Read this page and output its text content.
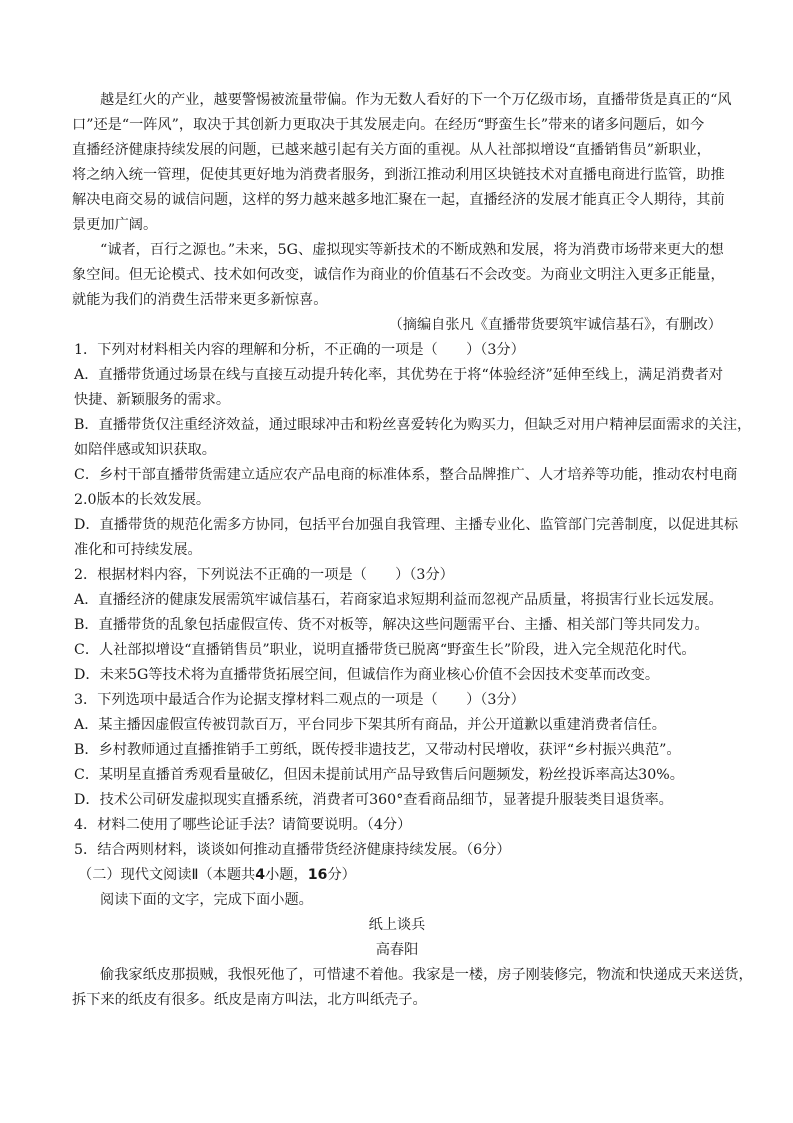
越是红火的产业，越要警惕被流量带偏。作为无数人看好的下一个万亿级市场，直播带货是真正的“风
口”还是“一阵风”，取决于其创新力更取决于其发展走向。在经历“野蛮生长”带来的诸多问题后，如今
直播经济健康持续发展的问题，已越来越引起有关方面的重视。从人社部拟增设“直播销售员”新职业，
将之纳入统一管理，促使其更好地为消费者服务，到浙江推动利用区块链技术对直播电商进行监管，助推
解决电商交易的诚信问题，这样的努力越来越多地汇聚在一起，直播经济的发展才能真正令人期待，其前
景更加广阔。
“诚者，百行之源也。”未来，5G、虚拟现实等新技术的不断成熟和发展，将为消费市场带来更大的想
象空间。但无论模式、技术如何改变，诚信作为商业的价值基石不会改变。为商业文明注入更多正能量，
就能为我们的消费生活带来更多新惊喜。
（摘编自张凡《直播带货要筑牢诚信基石》，有删改）
1．下列对材料相关内容的理解和分析，不正确的一项是（　　）（3分）
A．直播带货通过场景在线与直接互动提升转化率，其优势在于将“体验经济”延伸至线上，满足消费者对
快捷、新颖服务的需求。
B．直播带货仅注重经济效益，通过眼球冲击和粉丝喜爱转化为购买力，但缺乏对用户精神层面需求的关注，
如陪伴感或知识获取。
C．乡村干部直播带货需建立适应农产品电商的标准体系，整合品牌推广、人才培养等功能，推动农村电商
2.0版本的长效发展。
D．直播带货的规范化需多方协同，包括平台加强自我管理、主播专业化、监管部门完善制度，以促进其标
准化和可持续发展。
2．根据材料内容，下列说法不正确的一项是（　　）（3分）
A．直播经济的健康发展需筑牢诚信基石，若商家追求短期利益而忽视产品质量，将损害行业长远发展。
B．直播带货的乱象包括虚假宣传、货不对板等，解决这些问题需平台、主播、相关部门等共同发力。
C．人社部拟增设“直播销售员”职业，说明直播带货已脱离“野蛮生长”阶段，进入完全规范化时代。
D．未来5G等技术将为直播带货拓展空间，但诚信作为商业核心价值不会因技术变革而改变。
3．下列选项中最适合作为论据支撑材料二观点的一项是（　　）（3分）
A．某主播因虚假宣传被罚款百万，平台同步下架其所有商品，并公开道歉以重建消费者信任。
B．乡村教师通过直播推销手工剪纸，既传授非遗技艺，又带动村民增收，获评“乡村振兴典范”。
C．某明星直播首秀观看量破亿，但因未提前试用产品导致售后问题频发，粉丝投诉率高达30%。
D．技术公司研发虚拟现实直播系统，消费者可360°查看商品细节，显著提升服装类目退货率。
4．材料二使用了哪些论证手法？请简要说明。（4分）
5．结合两则材料，谈谈如何推动直播带货经济健康持续发展。（6分）
（二）现代文阅读Ⅱ（本题共4小题，16分）
阅读下面的文字，完成下面小题。
纸上谈兵
高春阳
偷我家纸皮那损贼，我恨死他了，可惜逮不着他。我家是一楼，房子刚装修完，物流和快递成天来送货，
拆下来的纸皮有很多。纸皮是南方叫法，北方叫纸壳子。
